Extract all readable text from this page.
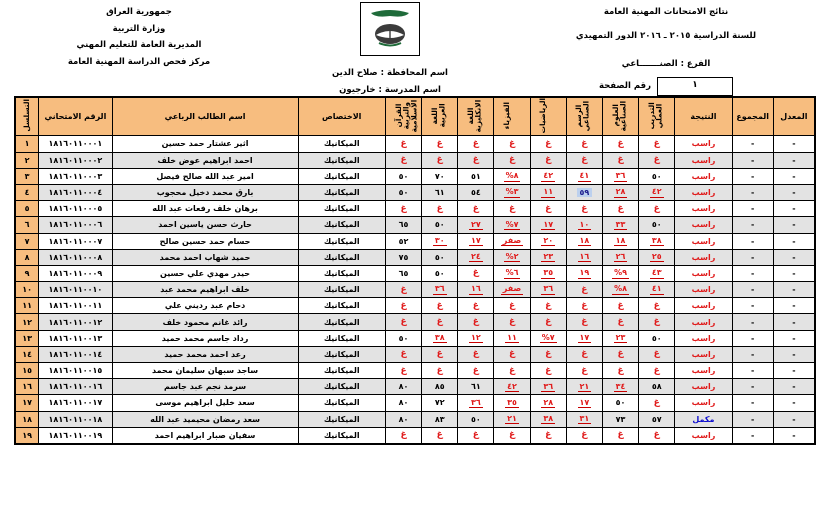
جمهورية العراق
وزارة التربية
المديرية العامة للتعليم المهني
مركز فحص الدراسة المهنية العامة
اسم المحافظة : صلاح الدين
اسم المدرسة : خارجيون
نتائج الامتحانات المهنية العامة
للسنة الدراسية ٢٠١٥ ـ ٢٠١٦ الدور التمهيدي
الفرع : الصنـــــــاعي
١
رقم الصفحة
المعدل	المجموع	النتيجة	التدريب العملي	العلوم الصناعية	الرسم الصناعي	الرياضيات	الفيزياء	اللغة الانكليزية	اللغة العربية	القرآن والتربية الاسلامية	الاختصاص	اسم الطالب الرباعي	الرقم الامتحاني	التسلسل
-	-	راسب	غ	غ	غ	غ	غ	غ	غ	غ	الميكانيك	اثير عشتار حمد حسين	١٨١٦٠١١٠٠٠١	١
-	-	راسب	غ	غ	غ	غ	غ	غ	غ	غ	الميكانيك	احمد ابراهيم عوض خلف	١٨١٦٠١١٠٠٠٢	٢
-	-	راسب	٥٠	٣٦	٤١	٤٢	٨%	٥١	٧٠	٥٠	الميكانيك	امير عبد الله صالح فيصل	١٨١٦٠١١٠٠٠٣	٣
-	-	راسب	٤٢	٢٨	٥٩	١١	٣%	٥٤	٦١	٥٠	الميكانيك	بارق محمد دخيل محجوب	١٨١٦٠١١٠٠٠٤	٤
-	-	راسب	غ	غ	غ	غ	غ	غ	غ	غ	الميكانيك	برهان خلف رفعات عبد الله	١٨١٦٠١١٠٠٠٥	٥
-	-	راسب	٥٠	٣٣	١٠	١٧	٧%	٢٧	٥٠	٦٥	الميكانيك	حارث حسن ياسين احمد	١٨١٦٠١١٠٠٠٦	٦
-	-	راسب	٣٨	١٨	١٨	٢٠	صفر	١٧	٣٠	٥٢	الميكانيك	حسام حمد حسين صالح	١٨١٦٠١١٠٠٠٧	٧
-	-	راسب	٢٥	٢٦	١٦	٢٣	٢%	٢٤	٥٠	٧٥	الميكانيك	حميد شهاب احمد محمد	١٨١٦٠١١٠٠٠٨	٨
-	-	راسب	٤٣	٩%	١٩	٣٥	٦%	غ	٥٠	٦٥	الميكانيك	حيدر مهدي علي حسين	١٨١٦٠١١٠٠٠٩	٩
-	-	راسب	٤١	٨%	غ	٣٦	صفر	١٦	٣٦	غ	الميكانيك	خلف ابراهيم محمد عبد	١٨١٦٠١١٠٠١٠	١٠
-	-	راسب	غ	غ	غ	غ	غ	غ	غ	غ	الميكانيك	دحام عبد رديني علي	١٨١٦٠١١٠٠١١	١١
-	-	راسب	غ	غ	غ	غ	غ	غ	غ	غ	الميكانيك	رائد غانم محمود خلف	١٨١٦٠١١٠٠١٢	١٢
-	-	راسب	٥٠	٢٣	١٧	٧%	١١	١٢	٣٨	٥٠	الميكانيك	رداد جاسم محمد حميد	١٨١٦٠١١٠٠١٣	١٣
-	-	راسب	غ	غ	غ	غ	غ	غ	غ	غ	الميكانيك	رعد احمد محمد حميد	١٨١٦٠١١٠٠١٤	١٤
-	-	راسب	غ	غ	غ	غ	غ	غ	غ	غ	الميكانيك	ساجد سبهان سليمان محمد	١٨١٦٠١١٠٠١٥	١٥
-	-	راسب	٥٨	٣٤	٢١	٣٦	٤٢	٦١	٨٥	٨٠	الميكانيك	سرمد نجم عبد جاسم	١٨١٦٠١١٠٠١٦	١٦
-	-	راسب	غ	٥٠	١٧	٢٨	٣٥	٣٦	٧٢	٨٠	الميكانيك	سعد خليل ابراهيم موسى	١٨١٦٠١١٠٠١٧	١٧
-	-	مكمل	٥٧	٧٣	٣١	٣٨	٢١	٥٠	٨٣	٨٠	الميكانيك	سعد رمضان محيميد عبد الله	١٨١٦٠١١٠٠١٨	١٨
-	-	راسب	غ	غ	غ	غ	غ	غ	غ	غ	الميكانيك	سفيان صبار ابراهيم احمد	١٨١٦٠١١٠٠١٩	١٩
